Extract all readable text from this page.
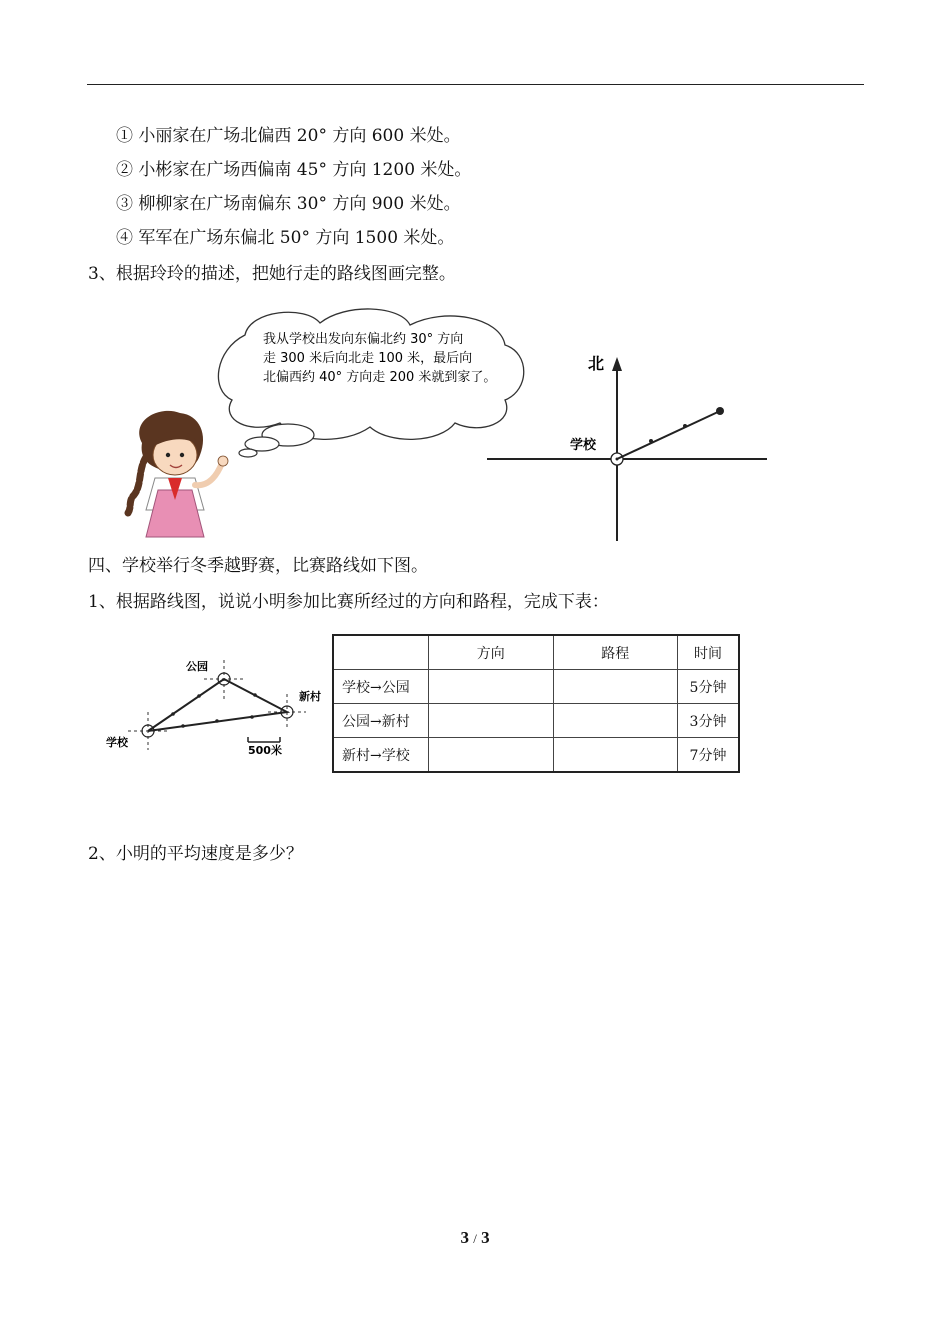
① 小丽家在广场北偏西 20° 方向 600 米处。
② 小彬家在广场西偏南 45° 方向 1200 米处。
③ 柳柳家在广场南偏东 30° 方向 900 米处。
④ 军军在广场东偏北 50° 方向 1500 米处。
3、根据玲玲的描述，把她行走的路线图画完整。
我从学校出发向东偏北约 30° 方向
走 300 米后向北走 100 米，最后向
北偏西约 40° 方向走 200 米就到家了。
北
学校
四、学校举行冬季越野赛，比赛路线如下图。
1、根据路线图，说说小明参加比赛所经过的方向和路程，完成下表：
公园
新村
学校
500米
	方向	路程	时间
学校→公园			5分钟
公园→新村			3分钟
新村→学校			7分钟
2、小明的平均速度是多少？
3 / 3
